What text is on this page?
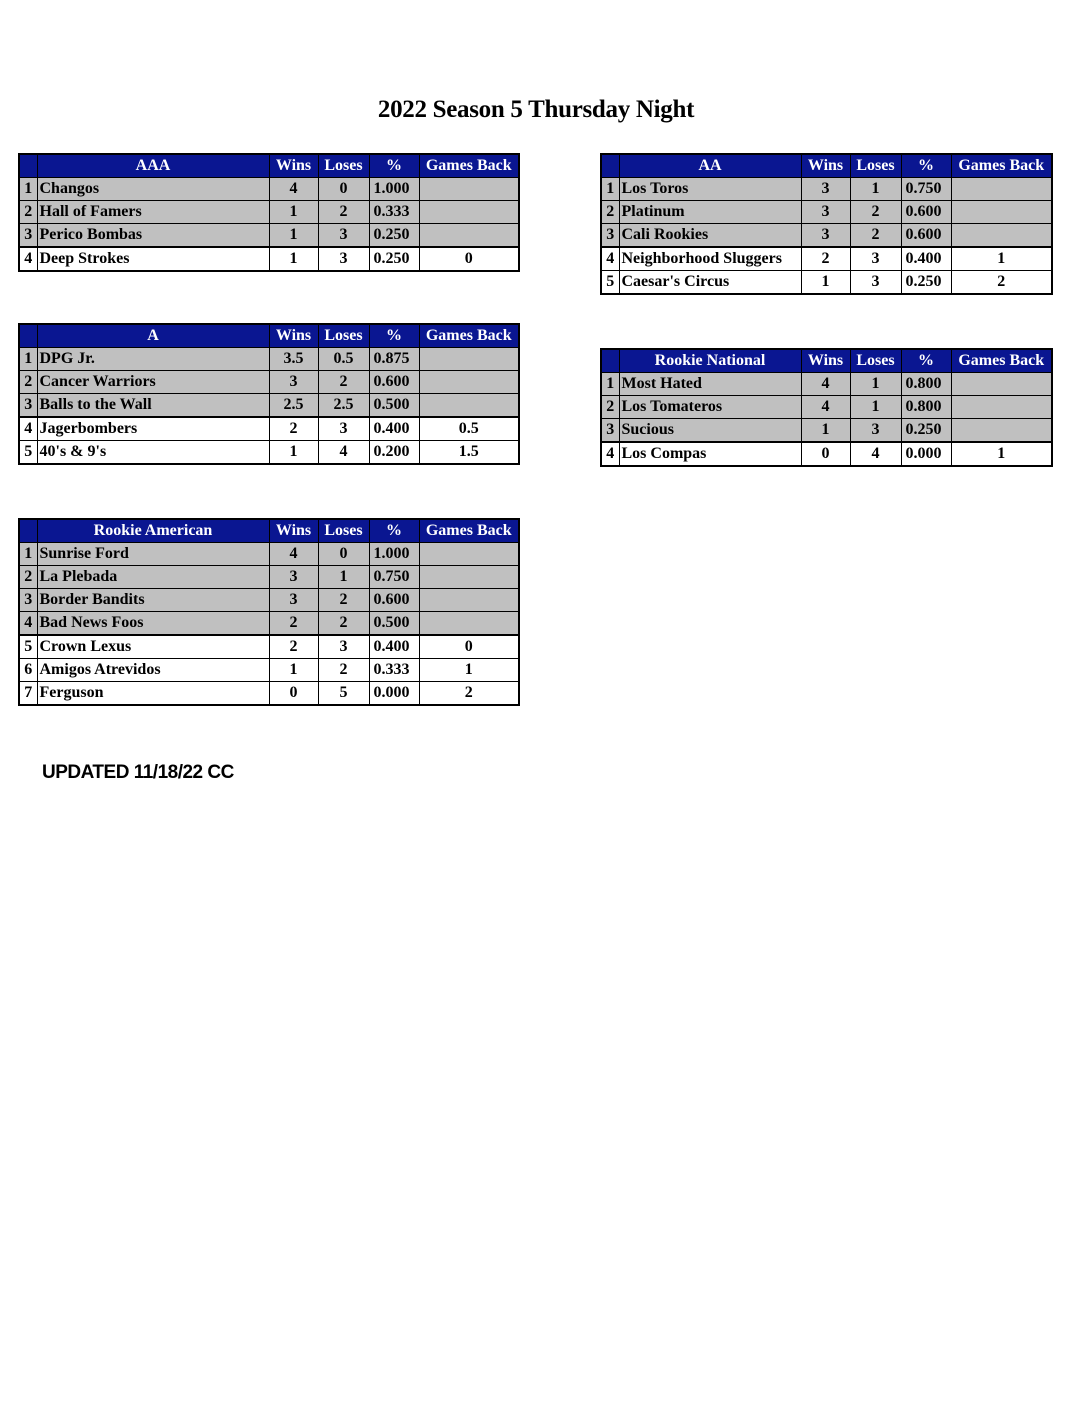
2022 Season 5 Thursday Night
	AAA	Wins	Loses	%	Games Back
1	Changos	4	0	1.000	
2	Hall of Famers	1	2	0.333	
3	Perico Bombas	1	3	0.250	
4	Deep Strokes	1	3	0.250	0
	AA	Wins	Loses	%	Games Back
1	Los Toros	3	1	0.750	
2	Platinum	3	2	0.600	
3	Cali Rookies	3	2	0.600	
4	Neighborhood Sluggers	2	3	0.400	1
5	Caesar's Circus	1	3	0.250	2
	A	Wins	Loses	%	Games Back
1	DPG Jr.	3.5	0.5	0.875	
2	Cancer Warriors	3	2	0.600	
3	Balls to the Wall	2.5	2.5	0.500	
4	Jagerbombers	2	3	0.400	0.5
5	40's & 9's	1	4	0.200	1.5
	Rookie National	Wins	Loses	%	Games Back
1	Most Hated	4	1	0.800	
2	Los Tomateros	4	1	0.800	
3	Sucious	1	3	0.250	
4	Los Compas	0	4	0.000	1
	Rookie American	Wins	Loses	%	Games Back
1	Sunrise Ford	4	0	1.000	
2	La Plebada	3	1	0.750	
3	Border Bandits	3	2	0.600	
4	Bad News Foos	2	2	0.500	
5	Crown Lexus	2	3	0.400	0
6	Amigos Atrevidos	1	2	0.333	1
7	Ferguson	0	5	0.000	2
UPDATED 11/18/22 CC
